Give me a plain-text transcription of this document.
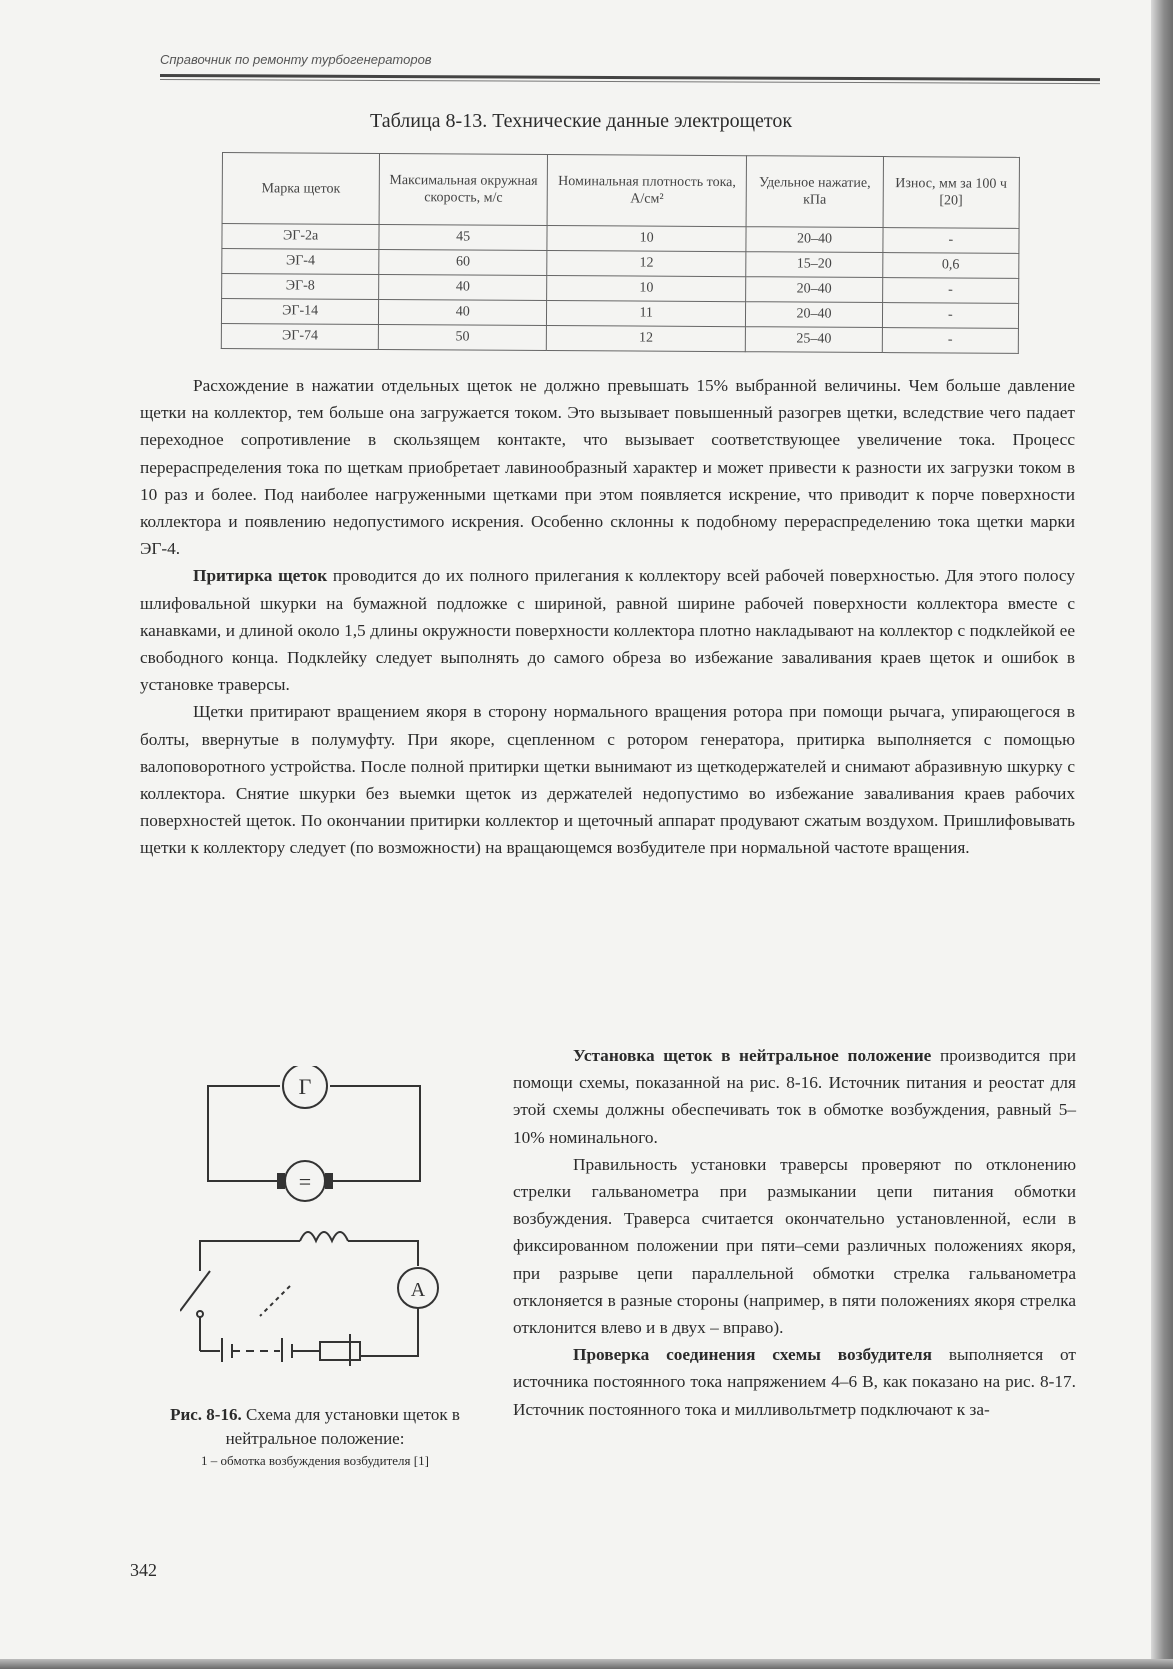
Справочник по ремонту турбогенераторов
Таблица 8-13. Технические данные электрощеток
Марка щеток	Максимальная окружная скорость, м/с	Номинальная плотность тока, А/см²	Удельное нажатие, кПа	Износ, мм за 100 ч [20]
ЭГ-2а	45	10	20–40	-
ЭГ-4	60	12	15–20	0,6
ЭГ-8	40	10	20–40	-
ЭГ-14	40	11	20–40	-
ЭГ-74	50	12	25–40	-

Расхождение в нажатии отдельных щеток не должно превышать 15% выбранной величины. Чем больше давление щетки на коллектор, тем больше она загружается током. Это вызывает повышенный разогрев щетки, вследствие чего падает переходное сопротивление в скользящем контакте, что вызывает соответствующее увеличение тока. Процесс перераспределения тока по щеткам приобретает лавинообразный характер и может привести к разности их загрузки током в 10 раз и более. Под наиболее нагруженными щетками при этом появляется искрение, что приводит к порче поверхности коллектора и появлению недопустимого искрения. Особенно склонны к подобному перераспределению тока щетки марки ЭГ-4.

Притирка щеток проводится до их полного прилегания к коллектору всей рабочей поверхностью. Для этого полосу шлифовальной шкурки на бумажной подложке с шириной, равной ширине рабочей поверхности коллектора вместе с канавками, и длиной около 1,5 длины окружности поверхности коллектора плотно накладывают на коллектор с подклейкой ее свободного конца. Подклейку следует выполнять до самого обреза во избежание заваливания краев щеток и ошибок в установке траверсы.

Щетки притирают вращением якоря в сторону нормального вращения ротора при помощи рычага, упирающегося в болты, ввернутые в полумуфту. При якоре, сцепленном с ротором генератора, притирка выполняется с помощью валоповоротного устройства. После полной притирки щетки вынимают из щеткодержателей и снимают абразивную шкурку с коллектора. Снятие шкурки без выемки щеток из держателей недопустимо во избежание заваливания краев рабочих поверхностей щеток. По окончании притирки коллектор и щеточный аппарат продувают сжатым воздухом. Пришлифовывать щетки к коллектору следует (по возможности) на вращающемся возбудителе при нормальной частоте вращения.

Установка щеток в нейтральное положение производится при помощи схемы, показанной на рис. 8-16. Источник питания и реостат для этой схемы должны обеспечивать ток в обмотке возбуждения, равный 5–10% номинального.

Правильность установки траверсы проверяют по отклонению стрелки гальванометра при размыкании цепи питания обмотки возбуждения. Траверса считается окончательно установленной, если в фиксированном положении при пяти–семи различных положениях якоря, при разрыве цепи параллельной обмотки стрелка гальванометра отклоняется в разные стороны (например, в пяти положениях якоря стрелка отклонится влево и в двух – вправо).

Проверка соединения схемы возбудителя выполняется от источника постоянного тока напряжением 4–6 В, как показано на рис. 8-17. Источник постоянного тока и милливольтметр подключают к за-

Г
=
А
Рис. 8-16. Схема для установки щеток в нейтральное положение:
1 – обмотка возбуждения возбудителя [1]
342
